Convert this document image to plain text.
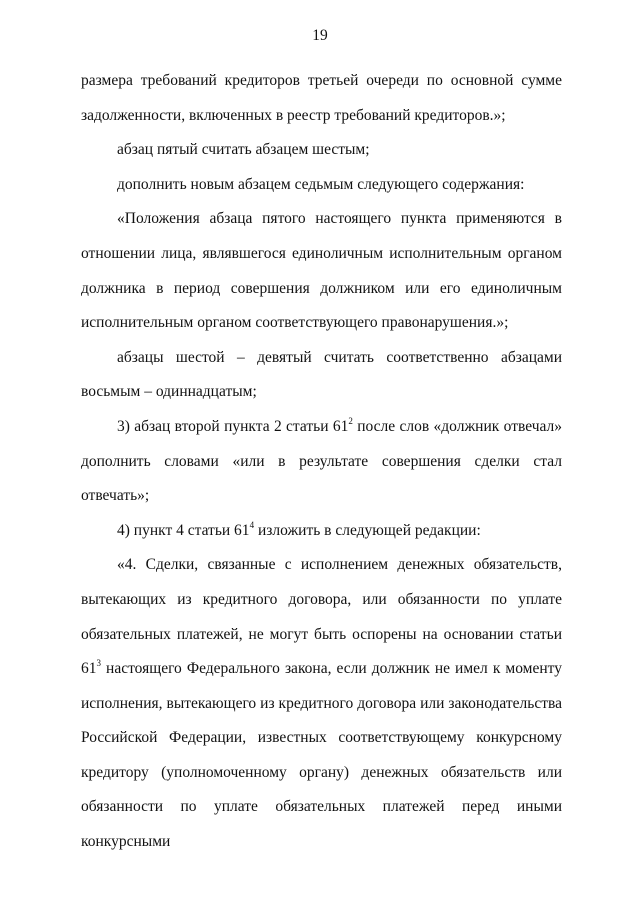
19

размера требований кредиторов третьей очереди по основной сумме задолженности, включенных в реестр требований кредиторов.»;

абзац пятый считать абзацем шестым;

дополнить новым абзацем седьмым следующего содержания:

«Положения абзаца пятого настоящего пункта применяются в отношении лица, являвшегося единоличным исполнительным органом должника в период совершения должником или его единоличным исполнительным органом соответствующего правонарушения.»;

абзацы шестой – девятый считать соответственно абзацами восьмым – одиннадцатым;

3) абзац второй пункта 2 статьи $61^2$ после слов «должник отвечал» дополнить словами «или в результате совершения сделки стал отвечать»;

4) пункт 4 статьи $61^4$ изложить в следующей редакции:

«4. Сделки, связанные с исполнением денежных обязательств, вытекающих из кредитного договора, или обязанности по уплате обязательных платежей, не могут быть оспорены на основании статьи $61^3$ настоящего Федерального закона, если должник не имел к моменту исполнения, вытекающего из кредитного договора или законодательства Российской Федерации, известных соответствующему конкурсному кредитору (уполномоченному органу) денежных обязательств или обязанности по уплате обязательных платежей перед иными конкурсными
